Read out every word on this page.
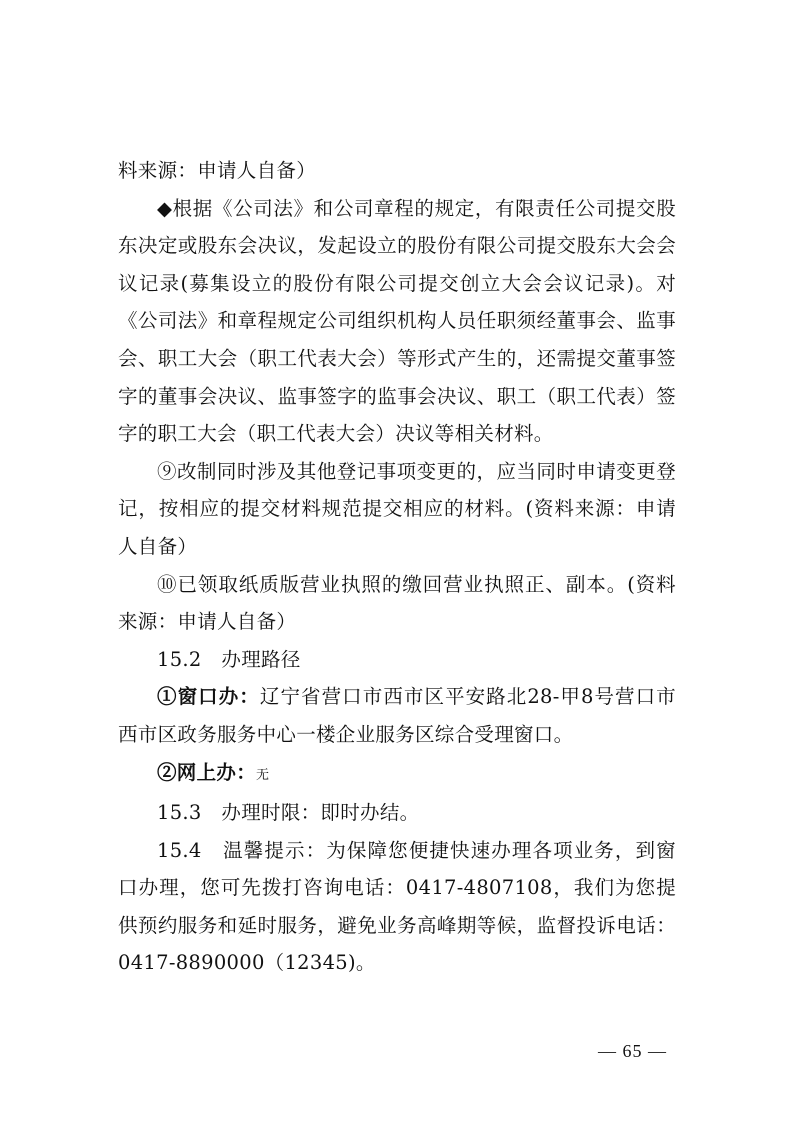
料来源：申请人自备）

◆根据《公司法》和公司章程的规定，有限责任公司提交股东决定或股东会决议，发起设立的股份有限公司提交股东大会会议记录(募集设立的股份有限公司提交创立大会会议记录)。对《公司法》和章程规定公司组织机构人员任职须经董事会、监事会、职工大会（职工代表大会）等形式产生的，还需提交董事签字的董事会决议、监事签字的监事会决议、职工（职工代表）签字的职工大会（职工代表大会）决议等相关材料。

⑨改制同时涉及其他登记事项变更的，应当同时申请变更登记，按相应的提交材料规范提交相应的材料。(资料来源：申请人自备）

⑩已领取纸质版营业执照的缴回营业执照正、副本。(资料来源：申请人自备）

15.2　办理路径

①窗口办：辽宁省营口市西市区平安路北28-甲8号营口市西市区政务服务中心一楼企业服务区综合受理窗口。

②网上办：无

15.3　办理时限：即时办结。

15.4　温馨提示：为保障您便捷快速办理各项业务，到窗口办理，您可先拨打咨询电话：0417-4807108，我们为您提供预约服务和延时服务，避免业务高峰期等候，监督投诉电话：0417-8890000（12345)。

— 65 —
